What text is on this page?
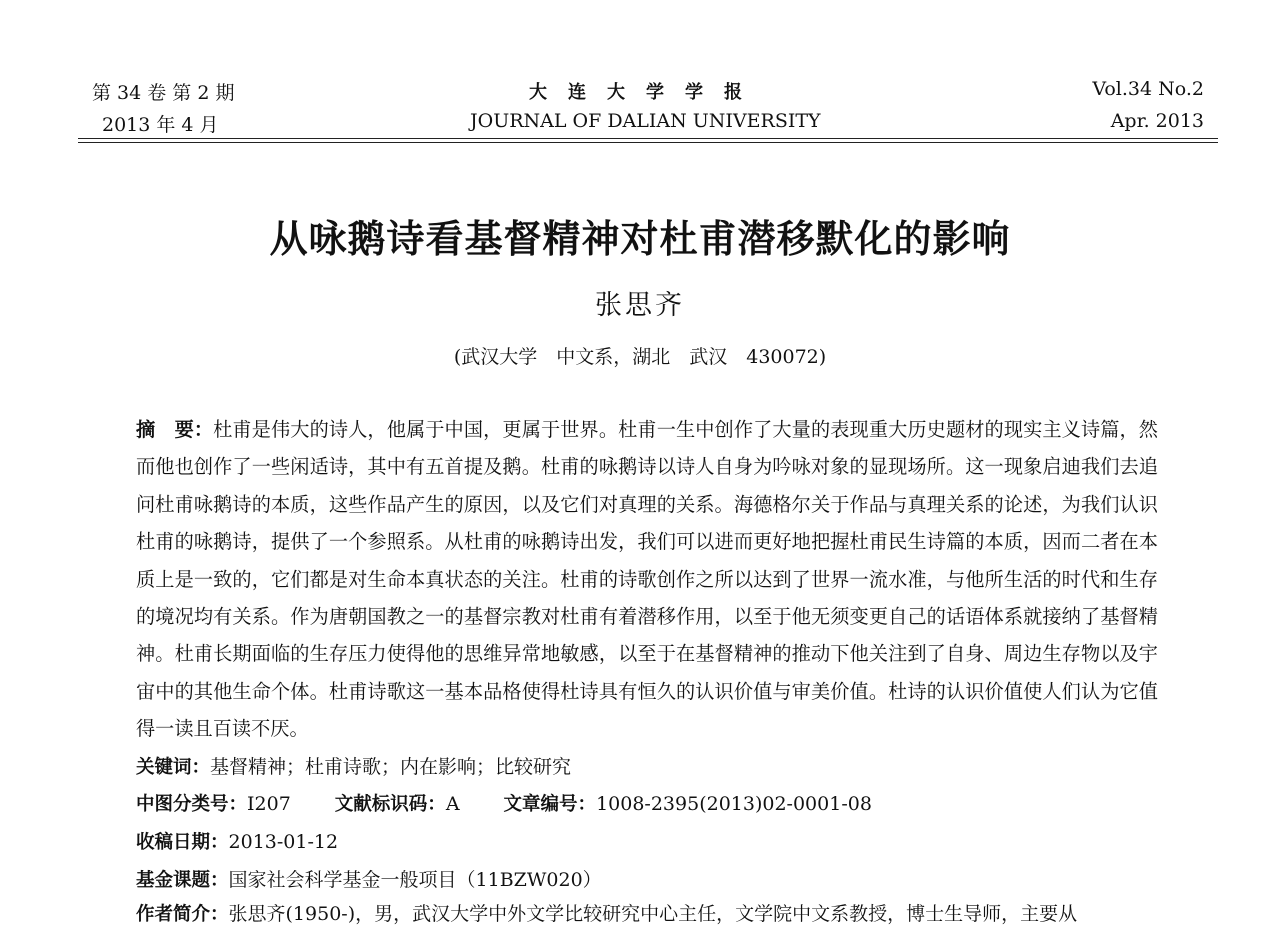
第 34 卷 第 2 期
2013 年 4 月
大连大学学报
JOURNAL OF DALIAN UNIVERSITY
Vol.34 No.2
Apr. 2013
从咏鹅诗看基督精神对杜甫潜移默化的影响
张思齐
(武汉大学　中文系，湖北　武汉　430072)
摘　要：杜甫是伟大的诗人，他属于中国，更属于世界。杜甫一生中创作了大量的表现重大历史题材的现实主义诗篇，然而他也创作了一些闲适诗，其中有五首提及鹅。杜甫的咏鹅诗以诗人自身为吟咏对象的显现场所。这一现象启迪我们去追问杜甫咏鹅诗的本质，这些作品产生的原因，以及它们对真理的关系。海德格尔关于作品与真理关系的论述，为我们认识杜甫的咏鹅诗，提供了一个参照系。从杜甫的咏鹅诗出发，我们可以进而更好地把握杜甫民生诗篇的本质，因而二者在本质上是一致的，它们都是对生命本真状态的关注。杜甫的诗歌创作之所以达到了世界一流水准，与他所生活的时代和生存的境况均有关系。作为唐朝国教之一的基督宗教对杜甫有着潜移作用，以至于他无须变更自己的话语体系就接纳了基督精神。杜甫长期面临的生存压力使得他的思维异常地敏感，以至于在基督精神的推动下他关注到了自身、周边生存物以及宇宙中的其他生命个体。杜甫诗歌这一基本品格使得杜诗具有恒久的认识价值与审美价值。杜诗的认识价值使人们认为它值得一读且百读不厌。
关键词：基督精神；杜甫诗歌；内在影响；比较研究
中图分类号：I207 文献标识码：A 文章编号：1008-2395(2013)02-0001-08
收稿日期：2013-01-12
基金课题：国家社会科学基金一般项目（11BZW020）
作者简介：张思齐(1950-)，男，武汉大学中外文学比较研究中心主任，文学院中文系教授，博士生导师，主要从
